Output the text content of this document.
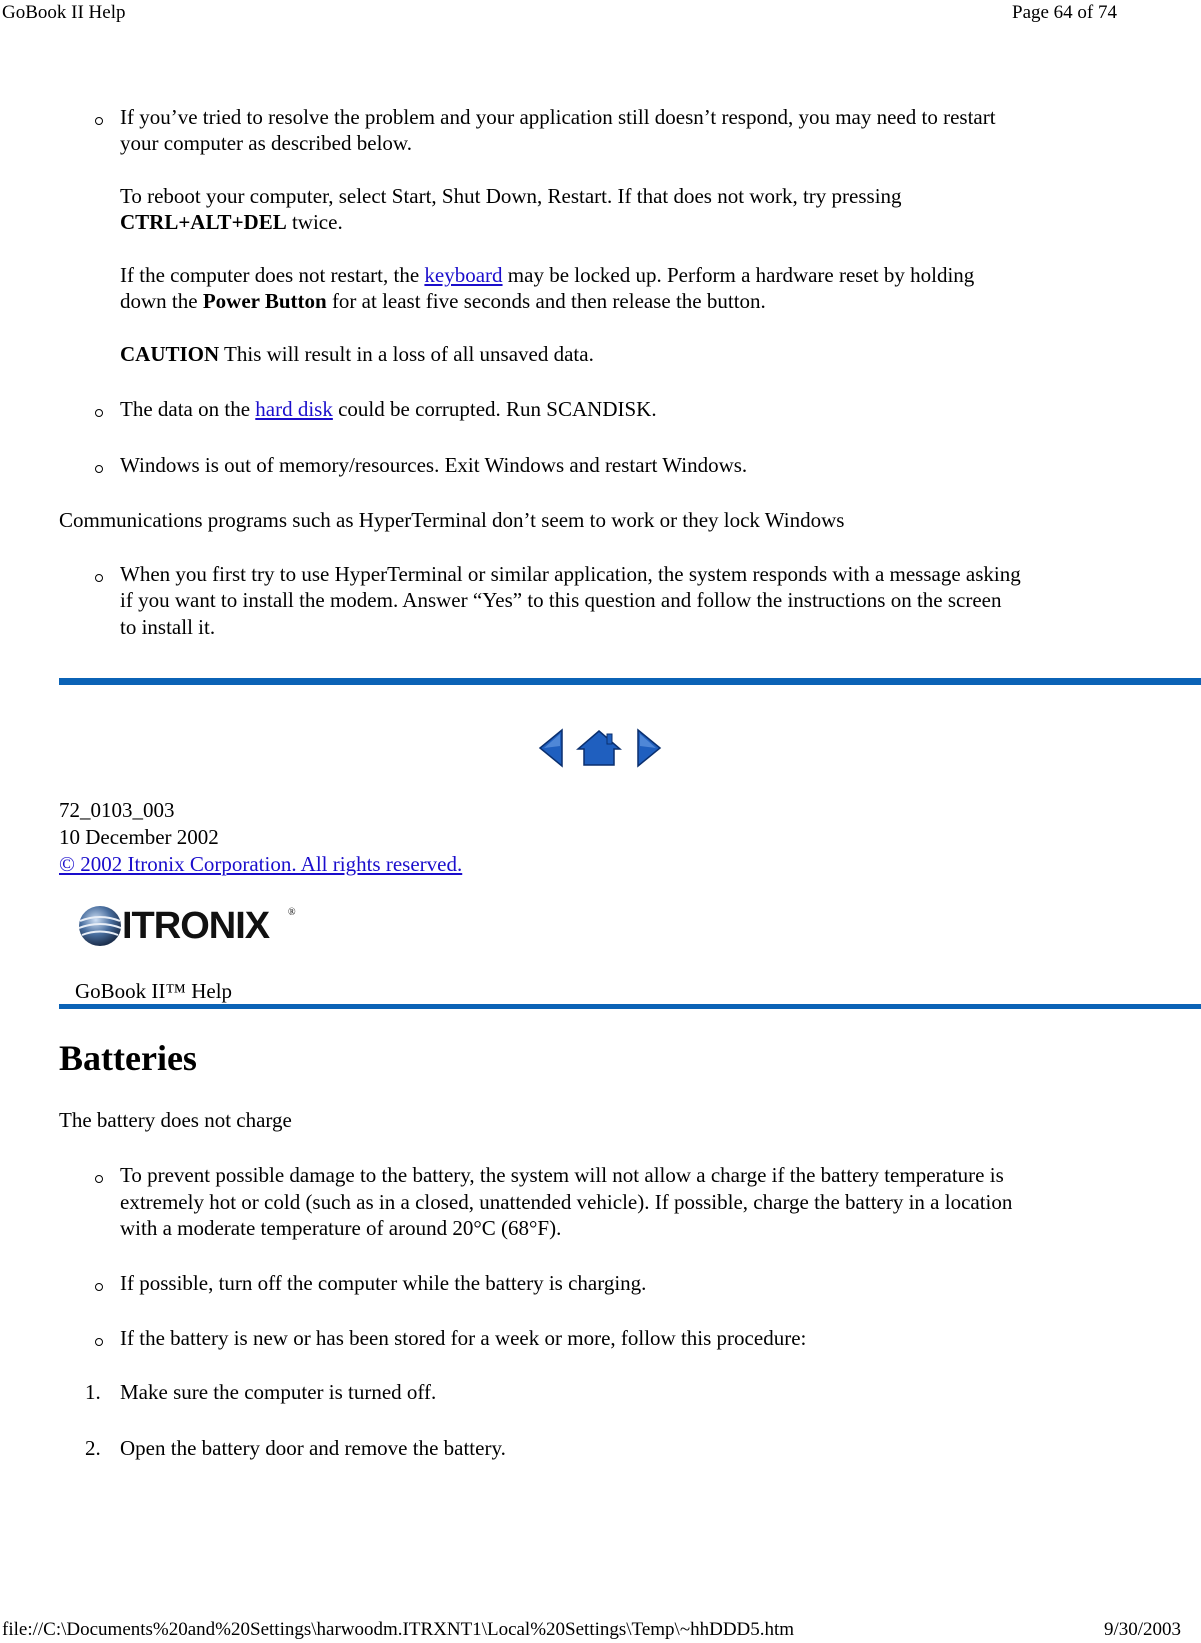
GoBook II Help	Page 64 of 74
If you’ve tried to resolve the problem and your application still doesn’t respond, you may need to restart
your computer as described below.
To reboot your computer, select Start, Shut Down, Restart. If that does not work, try pressing
CTRL+ALT+DEL twice.
If the computer does not restart, the keyboard may be locked up. Perform a hardware reset by holding
down the Power Button for at least five seconds and then release the button.
CAUTION This will result in a loss of all unsaved data.
The data on the hard disk could be corrupted. Run SCANDISK.
Windows is out of memory/resources. Exit Windows and restart Windows.
Communications programs such as HyperTerminal don’t seem to work or they lock Windows
When you first try to use HyperTerminal or similar application, the system responds with a message asking
if you want to install the modem. Answer “Yes” to this question and follow the instructions on the screen
to install it.
72_0103_003
10 December 2002
© 2002 Itronix Corporation. All rights reserved.
ITRONIX ®
GoBook II™ Help
Batteries
The battery does not charge
To prevent possible damage to the battery, the system will not allow a charge if the battery temperature is
extremely hot or cold (such as in a closed, unattended vehicle). If possible, charge the battery in a location
with a moderate temperature of around 20°C (68°F).
If possible, turn off the computer while the battery is charging.
If the battery is new or has been stored for a week or more, follow this procedure:
1. Make sure the computer is turned off.
2. Open the battery door and remove the battery.
file://C:\Documents%20and%20Settings\harwoodm.ITRXNT1\Local%20Settings\Temp\~hhDDD5.htm	9/30/2003
